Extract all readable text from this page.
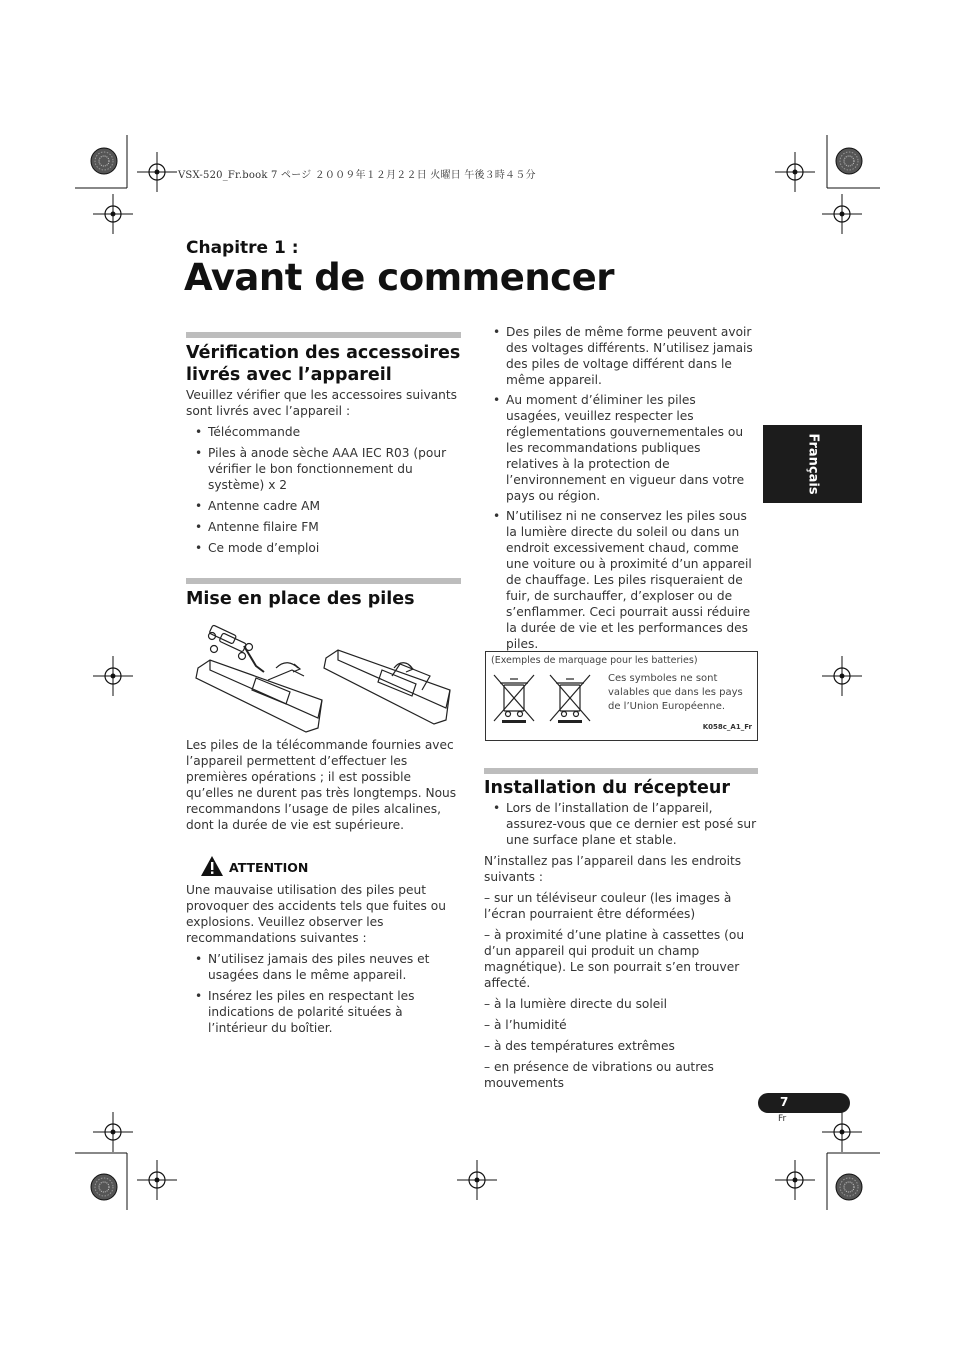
VSX-520_Fr.book 7 ページ ２００９年１２月２２日 火曜日 午後３時４５分
Chapitre 1 :
Avant de commencer
Français
Vérification des accessoires
livrés avec l’appareil
Veuillez vérifier que les accessoires suivants sont livrés avec l’appareil :
• Télécommande
• Piles à anode sèche AAA IEC R03 (pour vérifier le bon fonctionnement du système) x 2
• Antenne cadre AM
• Antenne filaire FM
• Ce mode d’emploi
Mise en place des piles
Les piles de la télécommande fournies avec l’appareil permettent d’effectuer les premières opérations ; il est possible qu’elles ne durent pas très longtemps. Nous recommandons l’usage de piles alcalines, dont la durée de vie est supérieure.
ATTENTION
Une mauvaise utilisation des piles peut provoquer des accidents tels que fuites ou explosions. Veuillez observer les recommandations suivantes :
• N’utilisez jamais des piles neuves et usagées dans le même appareil.
• Insérez les piles en respectant les indications de polarité situées à l’intérieur du boîtier.
• Des piles de même forme peuvent avoir des voltages différents. N’utilisez jamais des piles de voltage différent dans le même appareil.
• Au moment d’éliminer les piles usagées, veuillez respecter les réglementations gouvernementales ou les recommandations publiques relatives à la protection de l’environnement en vigueur dans votre pays ou région.
• N’utilisez ni ne conservez les piles sous la lumière directe du soleil ou dans un endroit excessivement chaud, comme une voiture ou à proximité d’un appareil de chauffage. Les piles risqueraient de fuir, de surchauffer, d’exploser ou de s’enflammer. Ceci pourrait aussi réduire la durée de vie et les performances des piles.
(Exemples de marquage pour les batteries)
Ces symboles ne sont valables que dans les pays de l’Union Européenne.
K058c_A1_Fr
Installation du récepteur
• Lors de l’installation de l’appareil, assurez-vous que ce dernier est posé sur une surface plane et stable.
N’installez pas l’appareil dans les endroits suivants :
– sur un téléviseur couleur (les images à l’écran pourraient être déformées)
– à proximité d’une platine à cassettes (ou d’un appareil qui produit un champ magnétique). Le son pourrait s’en trouver affecté.
– à la lumière directe du soleil
– à l’humidité
– à des températures extrêmes
– en présence de vibrations ou autres mouvements
7
Fr
